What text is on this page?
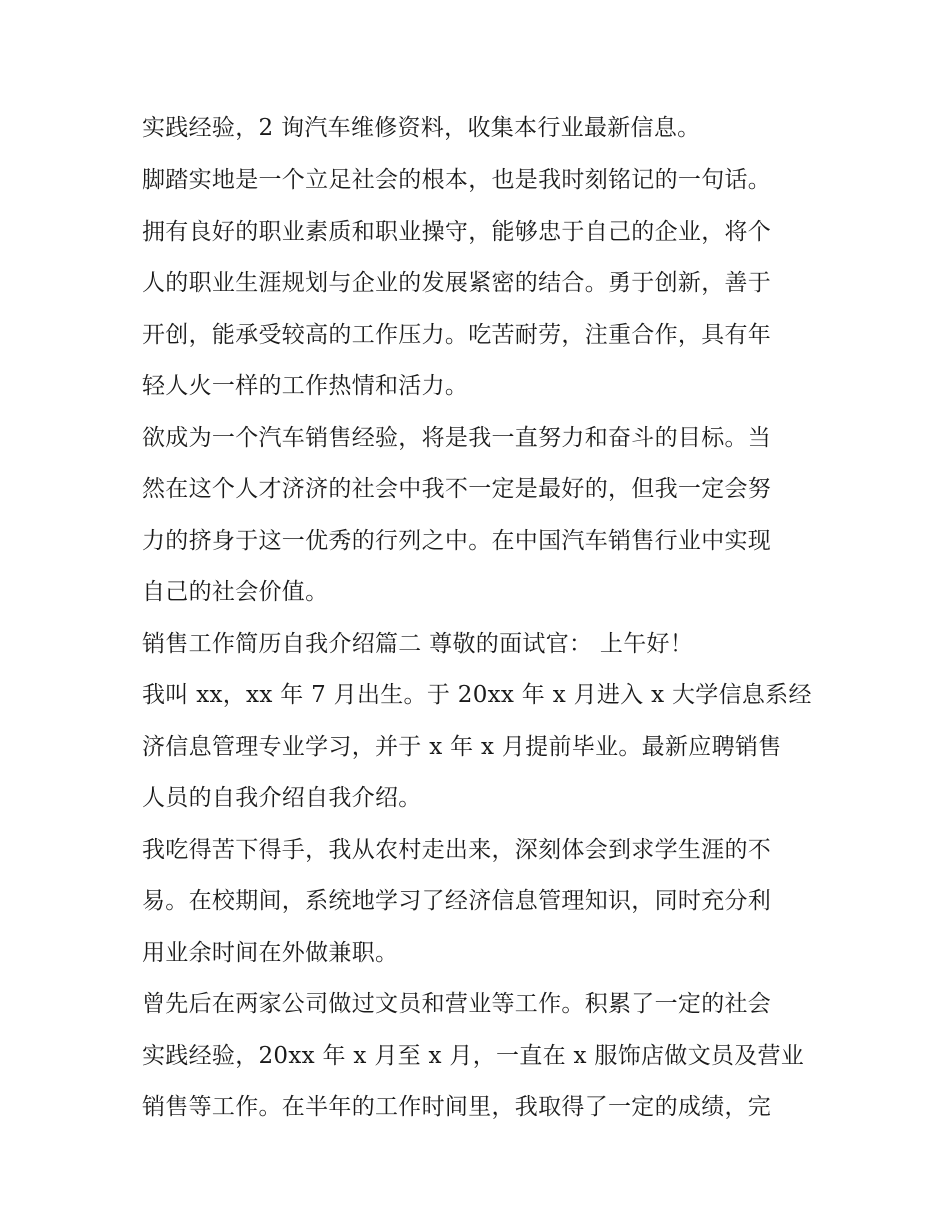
实践经验，2 询汽车维修资料，收集本行业最新信息。
脚踏实地是一个立足社会的根本，也是我时刻铭记的一句话。
拥有良好的职业素质和职业操守，能够忠于自己的企业，将个
人的职业生涯规划与企业的发展紧密的结合。勇于创新，善于
开创，能承受较高的工作压力。吃苦耐劳，注重合作，具有年
轻人火一样的工作热情和活力。
欲成为一个汽车销售经验，将是我一直努力和奋斗的目标。当
然在这个人才济济的社会中我不一定是最好的，但我一定会努
力的挤身于这一优秀的行列之中。在中国汽车销售行业中实现
自己的社会价值。
销售工作简历自我介绍篇二 尊敬的面试官： 上午好！
我叫 xx，xx 年 7 月出生。于 20xx 年 x 月进入 x 大学信息系经
济信息管理专业学习，并于 x 年 x 月提前毕业。最新应聘销售
人员的自我介绍自我介绍。
我吃得苦下得手，我从农村走出来，深刻体会到求学生涯的不
易。在校期间，系统地学习了经济信息管理知识，同时充分利
用业余时间在外做兼职。
曾先后在两家公司做过文员和营业等工作。积累了一定的社会
实践经验，20xx 年 x 月至 x 月，一直在 x 服饰店做文员及营业
销售等工作。在半年的工作时间里，我取得了一定的成绩，完
